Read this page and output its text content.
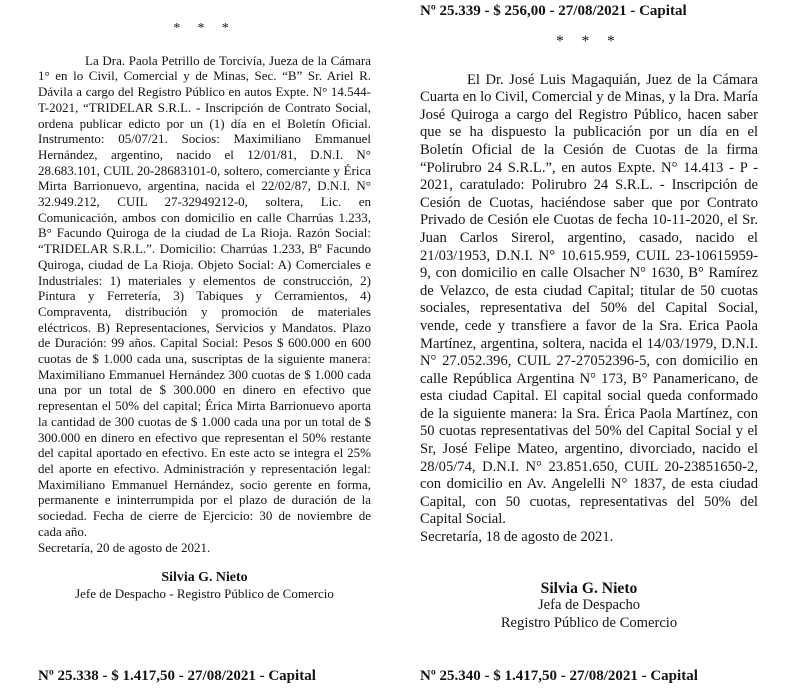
* * *

La Dra. Paola Petrillo de Torcivía, Jueza de la Cámara 1° en lo Civil, Comercial y de Minas, Sec. “B” Sr. Ariel R. Dávila a cargo del Registro Público en autos Expte. N° 14.544-T-2021, “TRIDELAR S.R.L. - Inscripción de Contrato Social, ordena publicar edicto por un (1) día en el Boletín Oficial. Instrumento: 05/07/21. Socios: Maximiliano Emmanuel Hernández, argentino, nacido el 12/01/81, D.N.I. N° 28.683.101, CUIL 20-28683101-0, soltero, comerciante y Érica Mirta Barrionuevo, argentina, nacida el 22/02/87, D.N.I. N° 32.949.212, CUIL 27-32949212-0, soltera, Lic. en Comunicación, ambos con domicilio en calle Charrúas 1.233, B° Facundo Quiroga de la ciudad de La Rioja. Razón Social: “TRIDELAR S.R.L.”. Domicilio: Charrúas 1.233, Bº Facundo Quiroga, ciudad de La Rioja. Objeto Social: A) Comerciales e Industriales: 1) materiales y elementos de construcción, 2) Pintura y Ferretería, 3) Tabiques y Cerramientos, 4) Compraventa, distribución y promoción de materiales eléctricos. B) Representaciones, Servicios y Mandatos. Plazo de Duración: 99 años. Capital Social: Pesos $ 600.000 en 600 cuotas de $ 1.000 cada una, suscriptas de la siguiente manera: Maximiliano Emmanuel Hernández 300 cuotas de $ 1.000 cada una por un total de $ 300.000 en dinero en efectivo que representan el 50% del capital; Érica Mirta Barrionuevo aporta la cantidad de 300 cuotas de $ 1.000 cada una por un total de $ 300.000 en dinero en efectivo que representan el 50% restante del capital aportado en efectivo. En este acto se integra el 25% del aporte en efectivo. Administración y representación legal: Maximiliano Emmanuel Hernández, socio gerente en forma, permanente e ininterrumpida por el plazo de duración de la sociedad. Fecha de cierre de Ejercicio: 30 de noviembre de cada año.

Secretaría, 20 de agosto de 2021.

Silvia G. Nieto
Jefe de Despacho - Registro Público de Comercio
Nº 25.338 - $ 1.417,50 - 27/08/2021 - Capital
Nº 25.339 - $ 256,00 - 27/08/2021 - Capital
* * *

El Dr. José Luis Magaquián, Juez de la Cámara Cuarta en lo Civil, Comercial y de Minas, y la Dra. María José Quiroga a cargo del Registro Público, hacen saber que se ha dispuesto la publicación por un día en el Boletín Oficial de la Cesión de Cuotas de la firma “Polirubro 24 S.R.L.”, en autos Expte. N° 14.413 - P - 2021, caratulado: Polirubro 24 S.R.L. - Inscripción de Cesión de Cuotas, haciéndose saber que por Contrato Privado de Cesión ele Cuotas de fecha 10-11-2020, el Sr. Juan Carlos Sirerol, argentino, casado, nacido el 21/03/1953, D.N.I. N° 10.615.959, CUIL 23-10615959-9, con domicilio en calle Olsacher N° 1630, B° Ramírez de Velazco, de esta ciudad Capital; titular de 50 cuotas sociales, representativa del 50% del Capital Social, vende, cede y transfiere a favor de la Sra. Erica Paola Martínez, argentina, soltera, nacida el 14/03/1979, D.N.I. N° 27.052.396, CUIL 27-27052396-5, con domicilio en calle República Argentina N° 173, B° Panamericano, de esta ciudad Capital. El capital social queda conformado de la siguiente manera: la Sra. Érica Paola Martínez, con 50 cuotas representativas del 50% del Capital Social y el Sr, José Felipe Mateo, argentino, divorciado, nacido el 28/05/74, D.N.I. N° 23.851.650, CUIL 20-23851650-2, con domicilio en Av. Angelelli N° 1837, de esta ciudad Capital, con 50 cuotas, representativas del 50% del Capital Social.

Secretaría, 18 de agosto de 2021.

Silvia G. Nieto
Jefa de Despacho
Registro Público de Comercio
Nº 25.340 - $ 1.417,50 - 27/08/2021 - Capital
